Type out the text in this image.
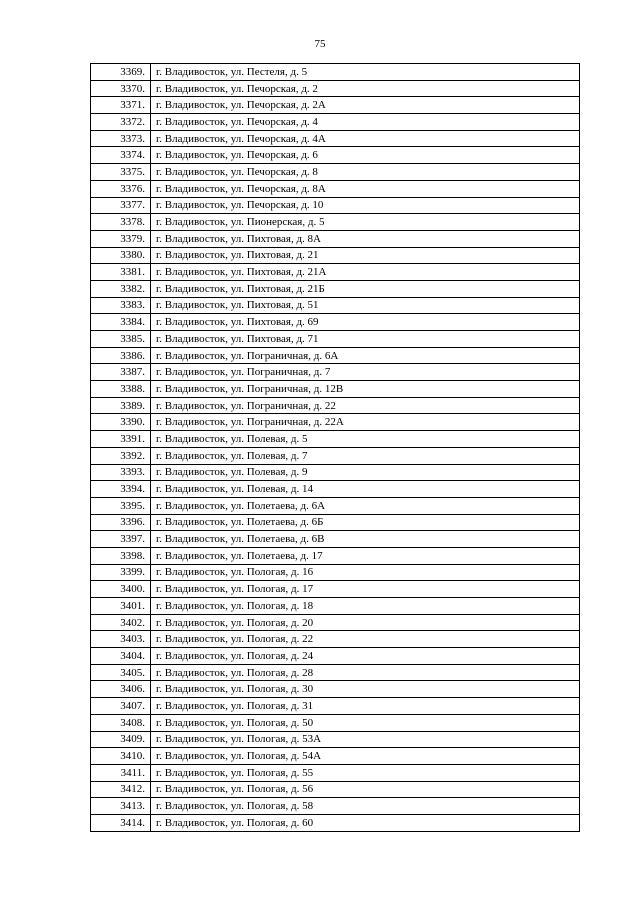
75
3369.	г. Владивосток, ул. Пестеля, д. 5
3370.	г. Владивосток, ул. Печорская, д. 2
3371.	г. Владивосток, ул. Печорская, д. 2А
3372.	г. Владивосток, ул. Печорская, д. 4
3373.	г. Владивосток, ул. Печорская, д. 4А
3374.	г. Владивосток, ул. Печорская, д. 6
3375.	г. Владивосток, ул. Печорская, д. 8
3376.	г. Владивосток, ул. Печорская, д. 8А
3377.	г. Владивосток, ул. Печорская, д. 10
3378.	г. Владивосток, ул. Пионерская, д. 5
3379.	г. Владивосток, ул. Пихтовая, д. 8А
3380.	г. Владивосток, ул. Пихтовая, д. 21
3381.	г. Владивосток, ул. Пихтовая, д. 21А
3382.	г. Владивосток, ул. Пихтовая, д. 21Б
3383.	г. Владивосток, ул. Пихтовая, д. 51
3384.	г. Владивосток, ул. Пихтовая, д. 69
3385.	г. Владивосток, ул. Пихтовая, д. 71
3386.	г. Владивосток, ул. Пограничная, д. 6А
3387.	г. Владивосток, ул. Пограничная, д. 7
3388.	г. Владивосток, ул. Пограничная, д. 12В
3389.	г. Владивосток, ул. Пограничная, д. 22
3390.	г. Владивосток, ул. Пограничная, д. 22А
3391.	г. Владивосток, ул. Полевая, д. 5
3392.	г. Владивосток, ул. Полевая, д. 7
3393.	г. Владивосток, ул. Полевая, д. 9
3394.	г. Владивосток, ул. Полевая, д. 14
3395.	г. Владивосток, ул. Полетаева, д. 6А
3396.	г. Владивосток, ул. Полетаева, д. 6Б
3397.	г. Владивосток, ул. Полетаева, д. 6В
3398.	г. Владивосток, ул. Полетаева, д. 17
3399.	г. Владивосток, ул. Пологая, д. 16
3400.	г. Владивосток, ул. Пологая, д. 17
3401.	г. Владивосток, ул. Пологая, д. 18
3402.	г. Владивосток, ул. Пологая, д. 20
3403.	г. Владивосток, ул. Пологая, д. 22
3404.	г. Владивосток, ул. Пологая, д. 24
3405.	г. Владивосток, ул. Пологая, д. 28
3406.	г. Владивосток, ул. Пологая, д. 30
3407.	г. Владивосток, ул. Пологая, д. 31
3408.	г. Владивосток, ул. Пологая, д. 50
3409.	г. Владивосток, ул. Пологая, д. 53А
3410.	г. Владивосток, ул. Пологая, д. 54А
3411.	г. Владивосток, ул. Пологая, д. 55
3412.	г. Владивосток, ул. Пологая, д. 56
3413.	г. Владивосток, ул. Пологая, д. 58
3414.	г. Владивосток, ул. Пологая, д. 60
